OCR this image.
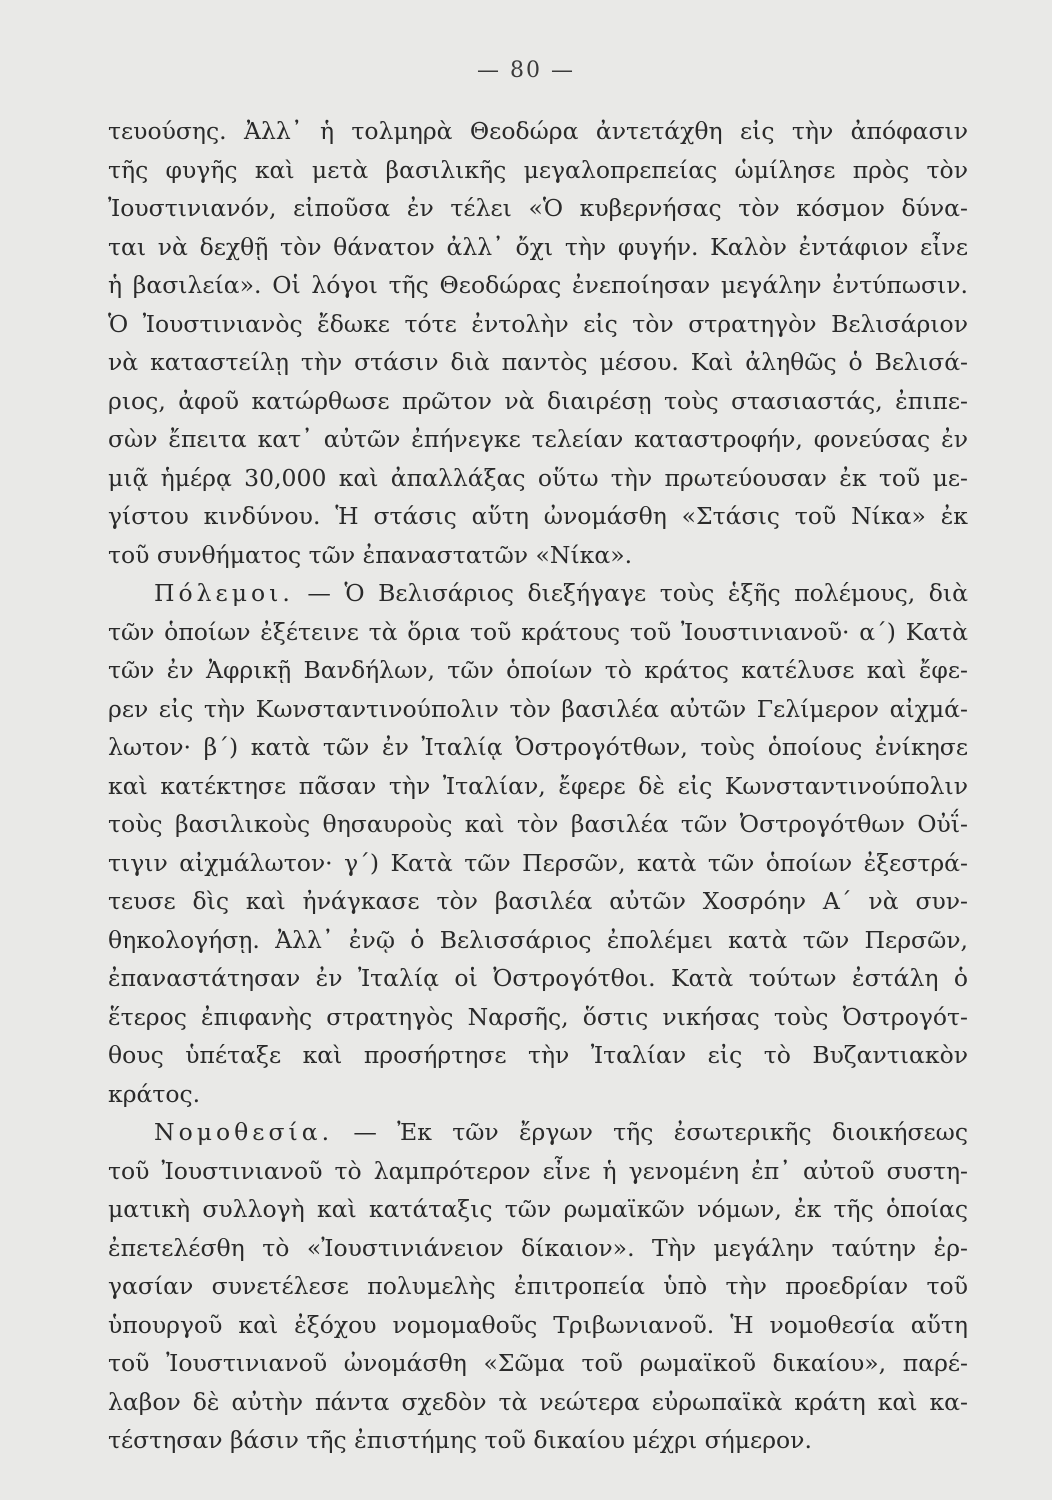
— 80 —
τευούσης. Ἀλλ᾽ ἡ τολμηρὰ Θεοδώρα ἀντετάχθη εἰς τὴν ἀπόφασιν
τῆς φυγῆς καὶ μετὰ βασιλικῆς μεγαλοπρεπείας ὡμίλησε πρὸς τὸν
Ἰουστινιανόν, εἰποῦσα ἐν τέλει «Ὁ κυβερνήσας τὸν κόσμον δύνα-
ται νὰ δεχθῇ τὸν θάνατον ἀλλ᾽ ὄχι τὴν φυγήν. Καλὸν ἐντάφιον εἶνε
ἡ βασιλεία». Οἱ λόγοι τῆς Θεοδώρας ἐνεποίησαν μεγάλην ἐντύπωσιν.
Ὁ Ἰουστινιανὸς ἔδωκε τότε ἐντολὴν εἰς τὸν στρατηγὸν Βελισάριον
νὰ καταστείλῃ τὴν στάσιν διὰ παντὸς μέσου. Καὶ ἀληθῶς ὁ Βελισά-
ριος, ἀφοῦ κατώρθωσε πρῶτον νὰ διαιρέσῃ τοὺς στασιαστάς, ἐπιπε-
σὼν ἔπειτα κατ᾽ αὐτῶν ἐπήνεγκε τελείαν καταστροφήν, φονεύσας ἐν
μιᾷ ἡμέρᾳ 30,000 καὶ ἀπαλλάξας οὕτω τὴν πρωτεύουσαν ἐκ τοῦ με-
γίστου κινδύνου. Ἡ στάσις αὕτη ὠνομάσθη «Στάσις τοῦ Νίκα» ἐκ
τοῦ συνθήματος τῶν ἐπαναστατῶν «Νίκα».
Πόλεμοι. — Ὁ Βελισάριος διεξήγαγε τοὺς ἑξῆς πολέμους, διὰ
τῶν ὁποίων ἐξέτεινε τὰ ὅρια τοῦ κράτους τοῦ Ἰουστινιανοῦ· α΄) Κατὰ
τῶν ἐν Ἀφρικῇ Βανδήλων, τῶν ὁποίων τὸ κράτος κατέλυσε καὶ ἔφε-
ρεν εἰς τὴν Κωνσταντινούπολιν τὸν βασιλέα αὐτῶν Γελίμερον αἰχμά-
λωτον· β΄) κατὰ τῶν ἐν Ἰταλίᾳ Ὀστρογότθων, τοὺς ὁποίους ἐνίκησε
καὶ κατέκτησε πᾶσαν τὴν Ἰταλίαν, ἔφερε δὲ εἰς Κωνσταντινούπολιν
τοὺς βασιλικοὺς θησαυροὺς καὶ τὸν βασιλέα τῶν Ὀστρογότθων Οὐΐ-
τιγιν αἰχμάλωτον· γ΄) Κατὰ τῶν Περσῶν, κατὰ τῶν ὁποίων ἐξεστρά-
τευσε δὶς καὶ ἠνάγκασε τὸν βασιλέα αὐτῶν Χοσρόην Α΄ νὰ συν-
θηκολογήσῃ. Ἀλλ᾽ ἐνῷ ὁ Βελισσάριος ἐπολέμει κατὰ τῶν Περσῶν,
ἐπαναστάτησαν ἐν Ἰταλίᾳ οἱ Ὀστρογότθοι. Κατὰ τούτων ἐστάλη ὁ
ἕτερος ἐπιφανὴς στρατηγὸς Ναρσῆς, ὅστις νικήσας τοὺς Ὀστρογότ-
θους ὑπέταξε καὶ προσήρτησε τὴν Ἰταλίαν εἰς τὸ Βυζαντιακὸν
κράτος.
Νομοθεσία. — Ἐκ τῶν ἔργων τῆς ἐσωτερικῆς διοικήσεως
τοῦ Ἰουστινιανοῦ τὸ λαμπρότερον εἶνε ἡ γενομένη ἐπ᾽ αὐτοῦ συστη-
ματικὴ συλλογὴ καὶ κατάταξις τῶν ρωμαϊκῶν νόμων, ἐκ τῆς ὁποίας
ἐπετελέσθη τὸ «Ἰουστινιάνειον δίκαιον». Τὴν μεγάλην ταύτην ἐρ-
γασίαν συνετέλεσε πολυμελὴς ἐπιτροπεία ὑπὸ τὴν προεδρίαν τοῦ
ὑπουργοῦ καὶ ἐξόχου νομομαθοῦς Τριβωνιανοῦ. Ἡ νομοθεσία αὕτη
τοῦ Ἰουστινιανοῦ ὠνομάσθη «Σῶμα τοῦ ρωμαϊκοῦ δικαίου», παρέ-
λαβον δὲ αὐτὴν πάντα σχεδὸν τὰ νεώτερα εὐρωπαϊκὰ κράτη καὶ κα-
τέστησαν βάσιν τῆς ἐπιστήμης τοῦ δικαίου μέχρι σήμερον.
